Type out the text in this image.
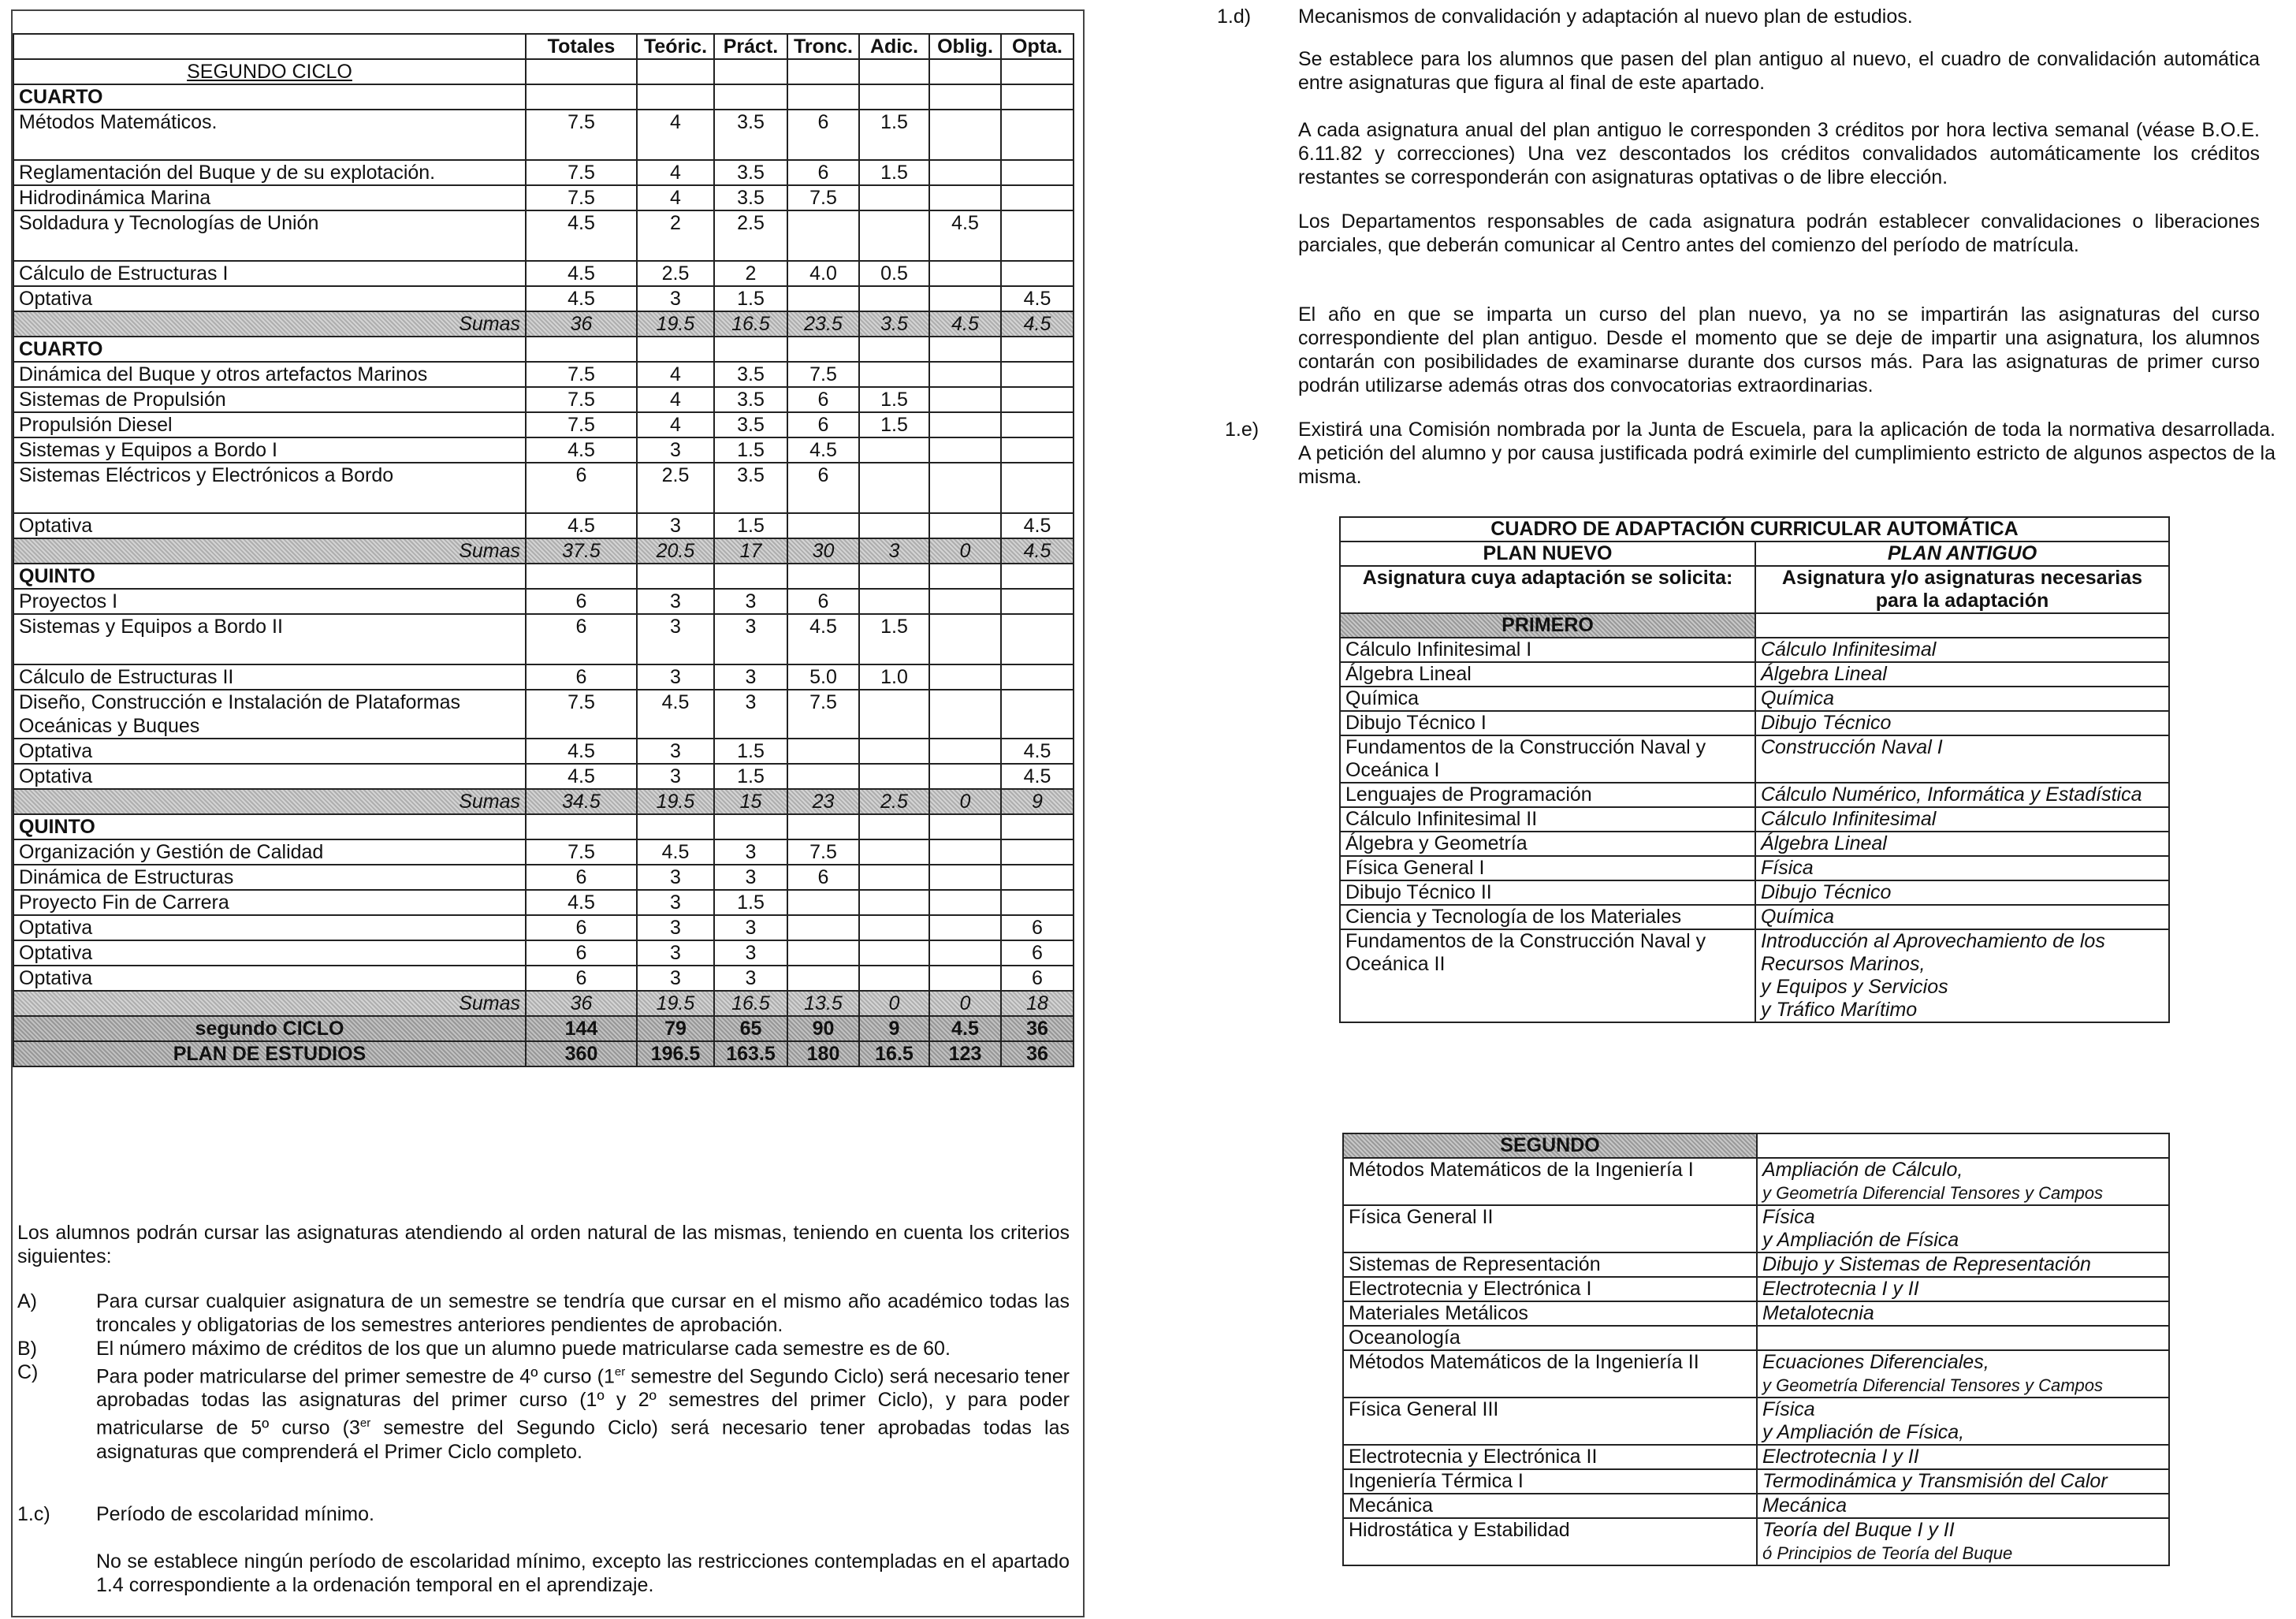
	Totales	Teóric.	Práct.	Tronc.	Adic.	Oblig.	Opta.
SEGUNDO CICLO							
CUARTO							
Métodos Matemáticos.	7.5	4	3.5	6	1.5		
Reglamentación del Buque y de su explotación.	7.5	4	3.5	6	1.5		
Hidrodinámica Marina	7.5	4	3.5	7.5			
Soldadura y Tecnologías de Unión	4.5	2	2.5			4.5	
Cálculo de Estructuras I	4.5	2.5	2	4.0	0.5		
Optativa	4.5	3	1.5				4.5
Sumas	36	19.5	16.5	23.5	3.5	4.5	4.5
CUARTO							
Dinámica del Buque y otros artefactos Marinos	7.5	4	3.5	7.5			
Sistemas de Propulsión	7.5	4	3.5	6	1.5		
Propulsión Diesel	7.5	4	3.5	6	1.5		
Sistemas y Equipos a Bordo I	4.5	3	1.5	4.5			
Sistemas Eléctricos y Electrónicos a Bordo	6	2.5	3.5	6			
Optativa	4.5	3	1.5				4.5
Sumas	37.5	20.5	17	30	3	0	4.5
QUINTO							
Proyectos I	6	3	3	6			
Sistemas y Equipos a Bordo II	6	3	3	4.5	1.5		
Cálculo de Estructuras II	6	3	3	5.0	1.0		
Diseño, Construcción e Instalación de Plataformas Oceánicas y Buques	7.5	4.5	3	7.5			
Optativa	4.5	3	1.5				4.5
Optativa	4.5	3	1.5				4.5
Sumas	34.5	19.5	15	23	2.5	0	9
QUINTO							
Organización y Gestión de Calidad	7.5	4.5	3	7.5			
Dinámica de Estructuras	6	3	3	6			
Proyecto Fin de Carrera	4.5	3	1.5				
Optativa	6	3	3				6
Optativa	6	3	3				6
Optativa	6	3	3				6
Sumas	36	19.5	16.5	13.5	0	0	18
segundo CICLO	144	79	65	90	9	4.5	36
PLAN DE ESTUDIOS	360	196.5	163.5	180	16.5	123	36
Los alumnos podrán cursar las asignaturas atendiendo al orden natural de las mismas, teniendo en cuenta los criterios siguientes:
A)	Para cursar cualquier asignatura de un semestre se tendría que cursar en el mismo año académico todas las troncales y obligatorias de los semestres anteriores pendientes de aprobación.
B)	El número máximo de créditos de los que un alumno puede matricularse cada semestre es de 60.
C)	Para poder matricularse del primer semestre de 4º curso (1er semestre del Segundo Ciclo) será necesario tener aprobadas todas las asignaturas del primer curso (1º y 2º semestres del primer Ciclo), y para poder matricularse de 5º curso (3er semestre del Segundo Ciclo) será necesario tener aprobadas todas las asignaturas que comprenderá el Primer Ciclo completo.
1.c) Período de escolaridad mínimo.
No se establece ningún período de escolaridad mínimo, excepto las restricciones contempladas en el apartado 1.4 correspondiente a la ordenación temporal en el aprendizaje.
1.d) Mecanismos de convalidación y adaptación al nuevo plan de estudios.
Se establece para los alumnos que pasen del plan antiguo al nuevo, el cuadro de convalidación automática entre asignaturas que figura al final de este apartado.
A cada asignatura anual del plan antiguo le corresponden 3 créditos por hora lectiva semanal (véase B.O.E. 6.11.82 y correcciones) Una vez descontados los créditos convalidados automáticamente los créditos restantes se corresponderán con asignaturas optativas o de libre elección.
Los Departamentos responsables de cada asignatura podrán establecer convalidaciones o liberaciones parciales, que deberán comunicar al Centro antes del comienzo del período de matrícula.
El año en que se imparta un curso del plan nuevo, ya no se impartirán las asignaturas del curso correspondiente del plan antiguo. Desde el momento que se deje de impartir una asignatura, los alumnos contarán con posibilidades de examinarse durante dos cursos más. Para las asignaturas de primer curso podrán utilizarse además otras dos convocatorias extraordinarias.
1.e) Existirá una Comisión nombrada por la Junta de Escuela, para la aplicación de toda la normativa desarrollada. A petición del alumno y por causa justificada podrá eximirle del cumplimiento estricto de algunos aspectos de la misma.
CUADRO DE ADAPTACIÓN CURRICULAR AUTOMÁTICA	
PLAN NUEVO	PLAN ANTIGUO
Asignatura cuya adaptación se solicita:	Asignatura y/o asignaturas necesarias para la adaptación
PRIMERO	
Cálculo Infinitesimal I	Cálculo Infinitesimal
Álgebra Lineal	Álgebra Lineal
Química	Química
Dibujo Técnico I	Dibujo Técnico
Fundamentos de la Construcción Naval y Oceánica I	Construcción Naval I
Lenguajes de Programación	Cálculo Numérico, Informática y Estadística
Cálculo Infinitesimal II	Cálculo Infinitesimal
Álgebra y Geometría	Álgebra Lineal
Física General I	Física
Dibujo Técnico II	Dibujo Técnico
Ciencia y Tecnología de los Materiales	Química
Fundamentos de la Construcción Naval y Oceánica II	Introducción al Aprovechamiento de los Recursos Marinos,
y Equipos y Servicios
y Tráfico Marítimo
SEGUNDO	
Métodos Matemáticos de la Ingeniería I	Ampliación de Cálculo,
y Geometría Diferencial Tensores y Campos
Física General II	Física
y Ampliación de Física
Sistemas de Representación	Dibujo y Sistemas de Representación
Electrotecnia y Electrónica I	Electrotecnia I y II
Materiales Metálicos	Metalotecnia
Oceanología	
Métodos Matemáticos de la Ingeniería II	Ecuaciones Diferenciales,
y Geometría Diferencial Tensores y Campos
Física General III	Física
y Ampliación de Física,
Electrotecnia y Electrónica II	Electrotecnia I y II
Ingeniería Térmica I	Termodinámica y Transmisión del Calor
Mecánica	Mecánica
Hidrostática y Estabilidad	Teoría del Buque I y II
ó Principios de Teoría del Buque
